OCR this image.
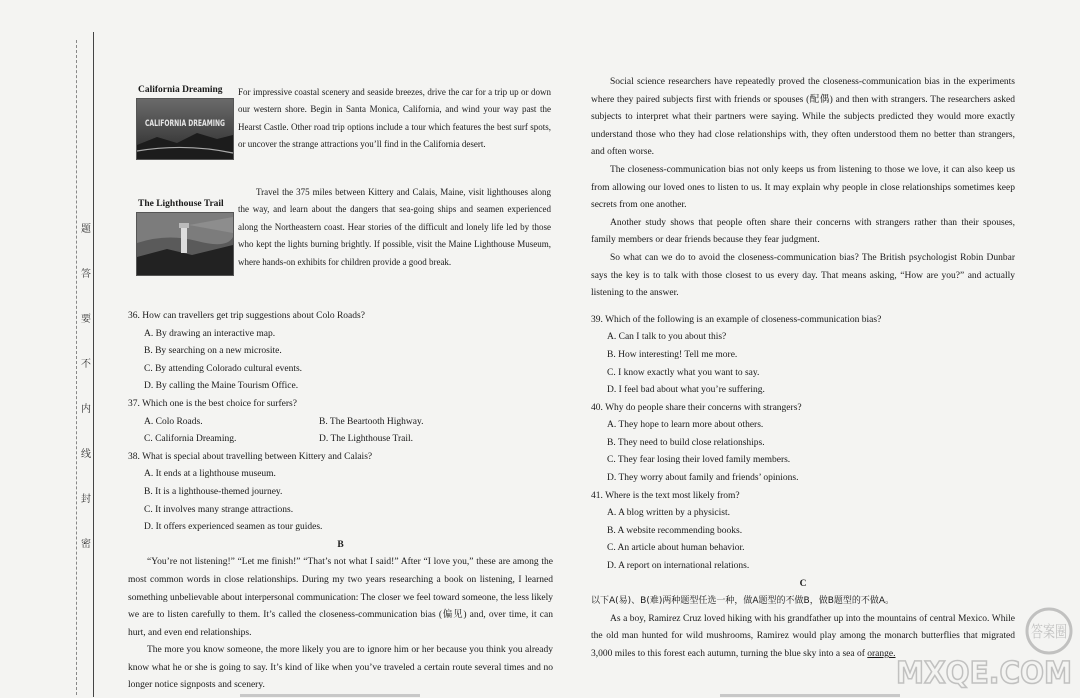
题
答
要
不
内
线
封
密
California Dreaming
CALIFORNIA DREAMING
For impressive coastal scenery and seaside breezes, drive the car for a trip up or down our western shore. Begin in Santa Monica, California, and wind your way past the Hearst Castle. Other road trip options include a tour which features the best surf spots, or uncover the strange attractions you’ll find in the California desert.
The Lighthouse Trail
Travel the 375 miles between Kittery and Calais, Maine, visit lighthouses along the way, and learn about the dangers that sea-going ships and seamen experienced along the Northeastern coast. Hear stories of the difficult and lonely life led by those who kept the lights burning brightly. If possible, visit the Maine Lighthouse Museum, where hands-on exhibits for children provide a good break.

36. How can travellers get trip suggestions about Colo Roads?

A. By drawing an interactive map.

B. By searching on a new microsite.

C. By attending Colorado cultural events.

D. By calling the Maine Tourism Office.

37. Which one is the best choice for surfers?

A. Colo Roads.	B. The Beartooth Highway.
C. California Dreaming.	D. The Lighthouse Trail.

38. What is special about travelling between Kittery and Calais?

A. It ends at a lighthouse museum.

B. It is a lighthouse-themed journey.

C. It involves many strange attractions.

D. It offers experienced seamen as tour guides.

B

“You’re not listening!” “Let me finish!” “That’s not what I said!” After “I love you,” these are among the most common words in close relationships. During my two years researching a book on listening, I learned something unbelievable about interpersonal communication: The closer we feel toward someone, the less likely we are to listen carefully to them. It’s called the closeness-communication bias (偏见) and, over time, it can hurt, and even end relationships.

The more you know someone, the more likely you are to ignore him or her because you think you already know what he or she is going to say. It’s kind of like when you’ve traveled a certain route several times and no longer notice signposts and scenery.

Social science researchers have repeatedly proved the closeness-communication bias in the experiments where they paired subjects first with friends or spouses (配偶) and then with strangers. The researchers asked subjects to interpret what their partners were saying. While the subjects predicted they would more exactly understand those who they had close relationships with, they often understood them no better than strangers, and often worse.

The closeness-communication bias not only keeps us from listening to those we love, it can also keep us from allowing our loved ones to listen to us. It may explain why people in close relationships sometimes keep secrets from one another.

Another study shows that people often share their concerns with strangers rather than their spouses, family members or dear friends because they fear judgment.

So what can we do to avoid the closeness-communication bias? The British psychologist Robin Dunbar says the key is to talk with those closest to us every day. That means asking, “How are you?” and actually listening to the answer.

39. Which of the following is an example of closeness-communication bias?

A. Can I talk to you about this?

B. How interesting! Tell me more.

C. I know exactly what you want to say.

D. I feel bad about what you’re suffering.

40. Why do people share their concerns with strangers?

A. They hope to learn more about others.

B. They need to build close relationships.

C. They fear losing their loved family members.

D. They worry about family and friends’ opinions.

41. Where is the text most likely from?

A. A blog written by a physicist.

B. A website recommending books.

C. An article about human behavior.

D. A report on international relations.

C

以下A(易)、B(难)两种题型任选一种，做A题型的不做B，做B题型的不做A。

As a boy, Ramirez Cruz loved hiking with his grandfather up into the mountains of central Mexico. While the old man hunted for wild mushrooms, Ramirez would play among the monarch butterflies that migrated 3,000 miles to this forest each autumn, turning the blue sky into a sea of orange.

答案圈
MXQE.COM
